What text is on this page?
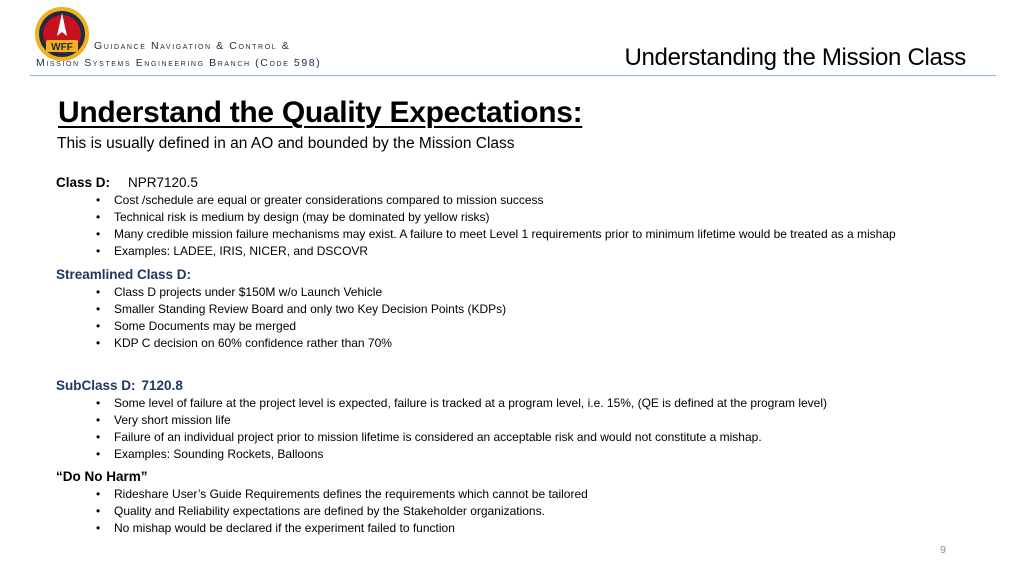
WFF	Guidance Navigation & Control &
Mission Systems Engineering Branch (Code 598)	Understanding the Mission Class
Understand the Quality Expectations:
This is usually defined in an AO and bounded by the Mission Class
Class D: NPR7120.5
• Cost /schedule are equal or greater considerations compared to mission success
• Technical risk is medium by design (may be dominated by yellow risks)
• Many credible mission failure mechanisms may exist. A failure to meet Level 1 requirements prior to minimum lifetime would be treated as a mishap
• Examples: LADEE, IRIS, NICER, and DSCOVR
Streamlined Class D:
• Class D projects under $150M w/o Launch Vehicle
• Smaller Standing Review Board and only two Key Decision Points (KDPs)
• Some Documents may be merged
• KDP C decision on 60% confidence rather than 70%
SubClass D: 7120.8
• Some level of failure at the project level is expected, failure is tracked at a program level, i.e. 15%, (QE is defined at the program level)
• Very short mission life
• Failure of an individual project prior to mission lifetime is considered an acceptable risk and would not constitute a mishap.
• Examples: Sounding Rockets, Balloons
“Do No Harm”
• Rideshare User’s Guide Requirements defines the requirements which cannot be tailored
• Quality and Reliability expectations are defined by the Stakeholder organizations.
• No mishap would be declared if the experiment failed to function
9
